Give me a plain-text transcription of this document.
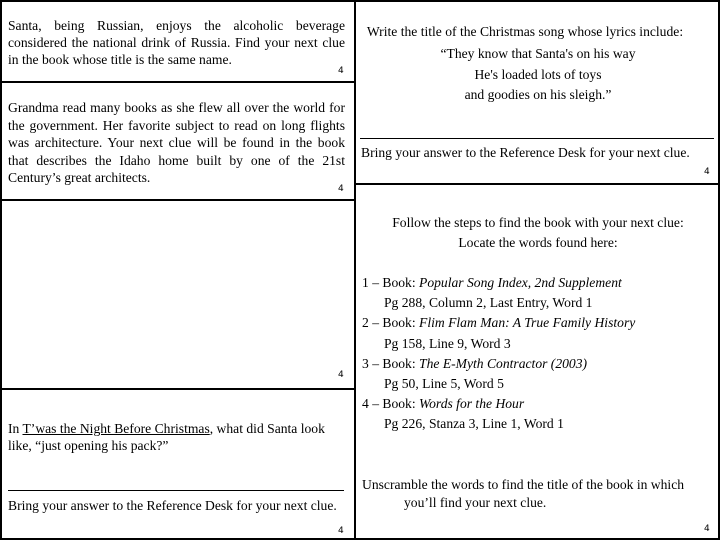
Santa, being Russian, enjoys the alcoholic beverage considered the national drink of Russia. Find your next clue in the book whose title is the same name.
4
Grandma read many books as she flew all over the world for the government. Her favorite subject to read on long flights was architecture. Your next clue will be found in the book that describes the Idaho home built by one of the 21st Century’s great architects.
4
4
In T’was the Night Before Christmas, what did Santa look like, “just opening his pack?”
Bring your answer to the Reference Desk for your next clue.
4
Write the title of the Christmas song whose lyrics include:
“They know that Santa's on his way
He's loaded lots of toys
and goodies on his sleigh.”
Bring your answer to the Reference Desk for your next clue.
4
Follow the steps to find the book with your next clue:
Locate the words found here:
1 – Book: Popular Song Index, 2nd Supplement
Pg 288, Column 2, Last Entry, Word 1
2 – Book: Flim Flam Man: A True Family History
Pg 158, Line 9, Word 3
3 – Book: The E-Myth Contractor (2003)
Pg 50, Line 5, Word 5
4 – Book: Words for the Hour
Pg 226, Stanza 3, Line 1, Word 1
Unscramble the words to find the title of the book in which
you’ll find your next clue.
4
